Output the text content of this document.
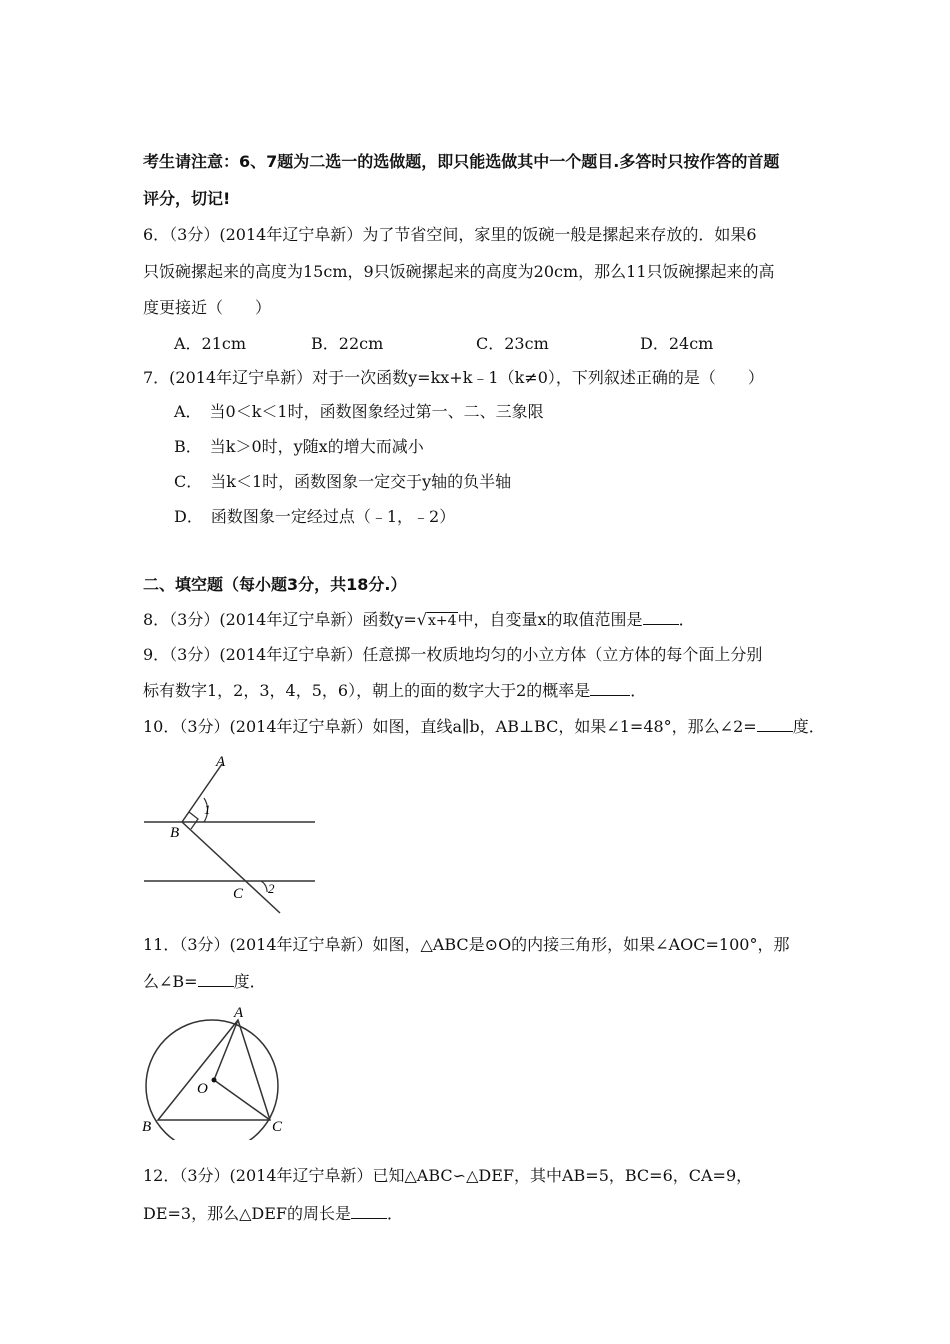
考生请注意：6、7题为二选一的选做题，即只能选做其中一个题目.多答时只按作答的首题
评分，切记!
6．（3分）(2014年辽宁阜新）为了节省空间，家里的饭碗一般是摞起来存放的．如果6
只饭碗摞起来的高度为15cm，9只饭碗摞起来的高度为20cm，那么11只饭碗摞起来的高
度更接近（　　）
A．21cm	B．22cm	C．23cm	D．24cm
7．(2014年辽宁阜新）对于一次函数y=kx+k﹣1（k≠0），下列叙述正确的是（　　）
A．　当0＜k＜1时，函数图象经过第一、二、三象限
B．　当k＞0时，y随x的增大而减小
C．　当k＜1时，函数图象一定交于y轴的负半轴
D．　函数图象一定经过点（﹣1，﹣2）
二、填空题（每小题3分，共18分.）
8．（3分）(2014年辽宁阜新）函数y=√x+4中，自变量x的取值范围是 ．
9．（3分）(2014年辽宁阜新）任意掷一枚质地均匀的小立方体（立方体的每个面上分别
标有数字1，2，3，4，5，6），朝上的面的数字大于2的概率是	．
10．（3分）(2014年辽宁阜新）如图，直线a∥b，AB⊥BC，如果∠1=48°，那么∠2= 度．
A
B
C
1
2
11．（3分）(2014年辽宁阜新）如图，△ABC是⊙O的内接三角形，如果∠AOC=100°，那
么∠B= 度．
A
B	C
O
12．（3分）(2014年辽宁阜新）已知△ABC∽△DEF，其中AB=5，BC=6，CA=9，
DE=3，那么△DEF的周长是 ．
